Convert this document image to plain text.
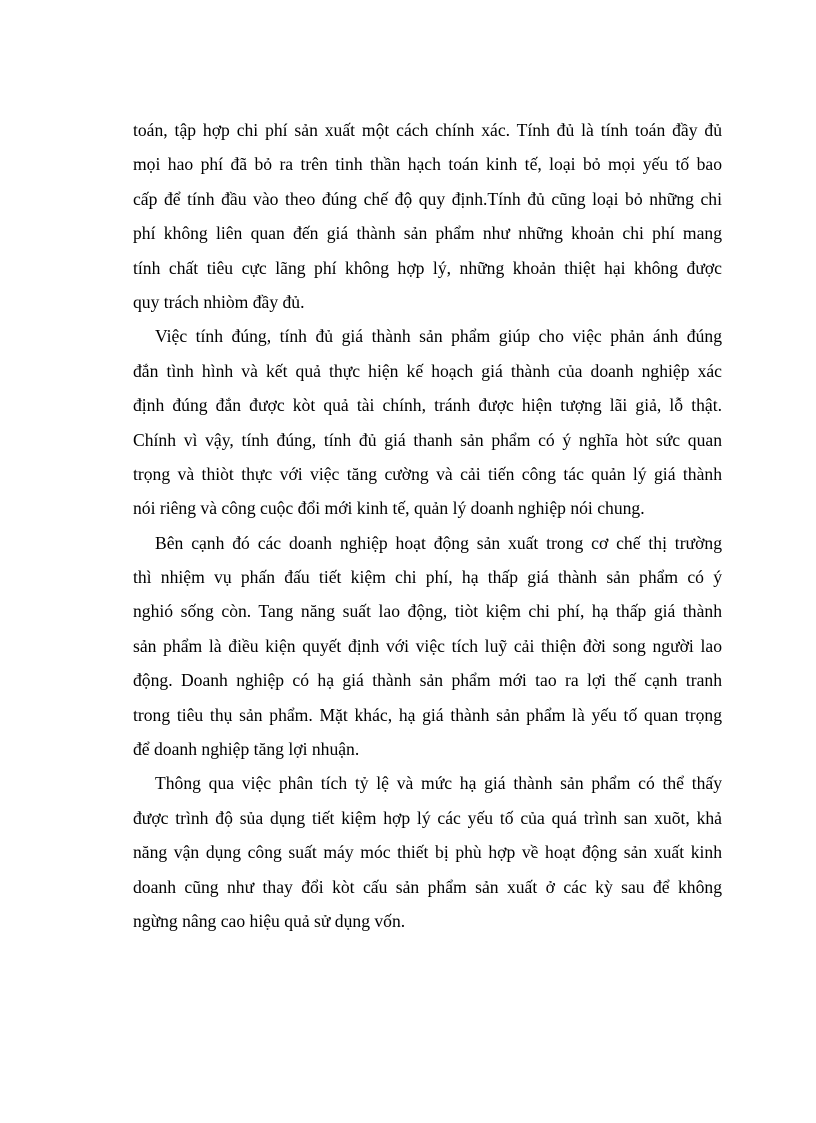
toán, tập hợp chi phí sản xuất một cách chính xác. Tính đủ là tính toán đầy đủ
mọi hao phí đã bỏ ra trên tinh thần hạch toán kinh tế, loại bỏ mọi yếu tố bao
cấp để tính đầu vào theo đúng chế độ quy định.Tính đủ cũng loại bỏ những chi
phí không liên quan đến giá thành sản phẩm như những khoản chi phí mang
tính chất tiêu cực lãng phí không hợp lý, những khoản thiệt hại không được
quy trách nhiòm đầy đủ.
Việc tính đúng, tính đủ giá thành sản phẩm giúp cho việc phản ánh đúng
đắn tình hình và kết quả thực hiện kế hoạch giá thành của doanh nghiệp xác
định đúng đắn được kòt quả tài chính, tránh được hiện tượng lãi giả, lỗ thật.
Chính vì vậy, tính đúng, tính đủ giá thanh sản phẩm có ý nghĩa hòt sức quan
trọng và thiòt thực với việc tăng cường và cải tiến công tác quản lý giá thành
nói riêng và công cuộc đổi mới kinh tế, quản lý doanh nghiệp nói chung.
Bên cạnh đó các doanh nghiệp hoạt động sản xuất trong cơ chế thị trường
thì nhiệm vụ phấn đấu tiết kiệm chi phí, hạ thấp giá thành sản phẩm có ý
nghió sống còn. Tang năng suất lao động, tiòt kiệm chi phí, hạ thấp giá thành
sản phẩm là điều kiện quyết định với việc tích luỹ cải thiện đời song người lao
động. Doanh nghiệp có hạ giá thành sản phẩm mới tao ra lợi thế cạnh tranh
trong tiêu thụ sản phẩm. Mặt khác, hạ giá thành sản phẩm là yếu tố quan trọng
để doanh nghiệp tăng lợi nhuận.
Thông qua việc phân tích tỷ lệ và mức hạ giá thành sản phẩm có thể thấy
được trình độ sủa dụng tiết kiệm hợp lý các yếu tố của quá trình san xuõt, khả
năng vận dụng công suất máy móc thiết bị phù hợp về hoạt động sản xuất kinh
doanh cũng như thay đổi kòt cấu sản phẩm sản xuất ở các kỳ sau để không
ngừng nâng cao hiệu quả sử dụng vốn.
